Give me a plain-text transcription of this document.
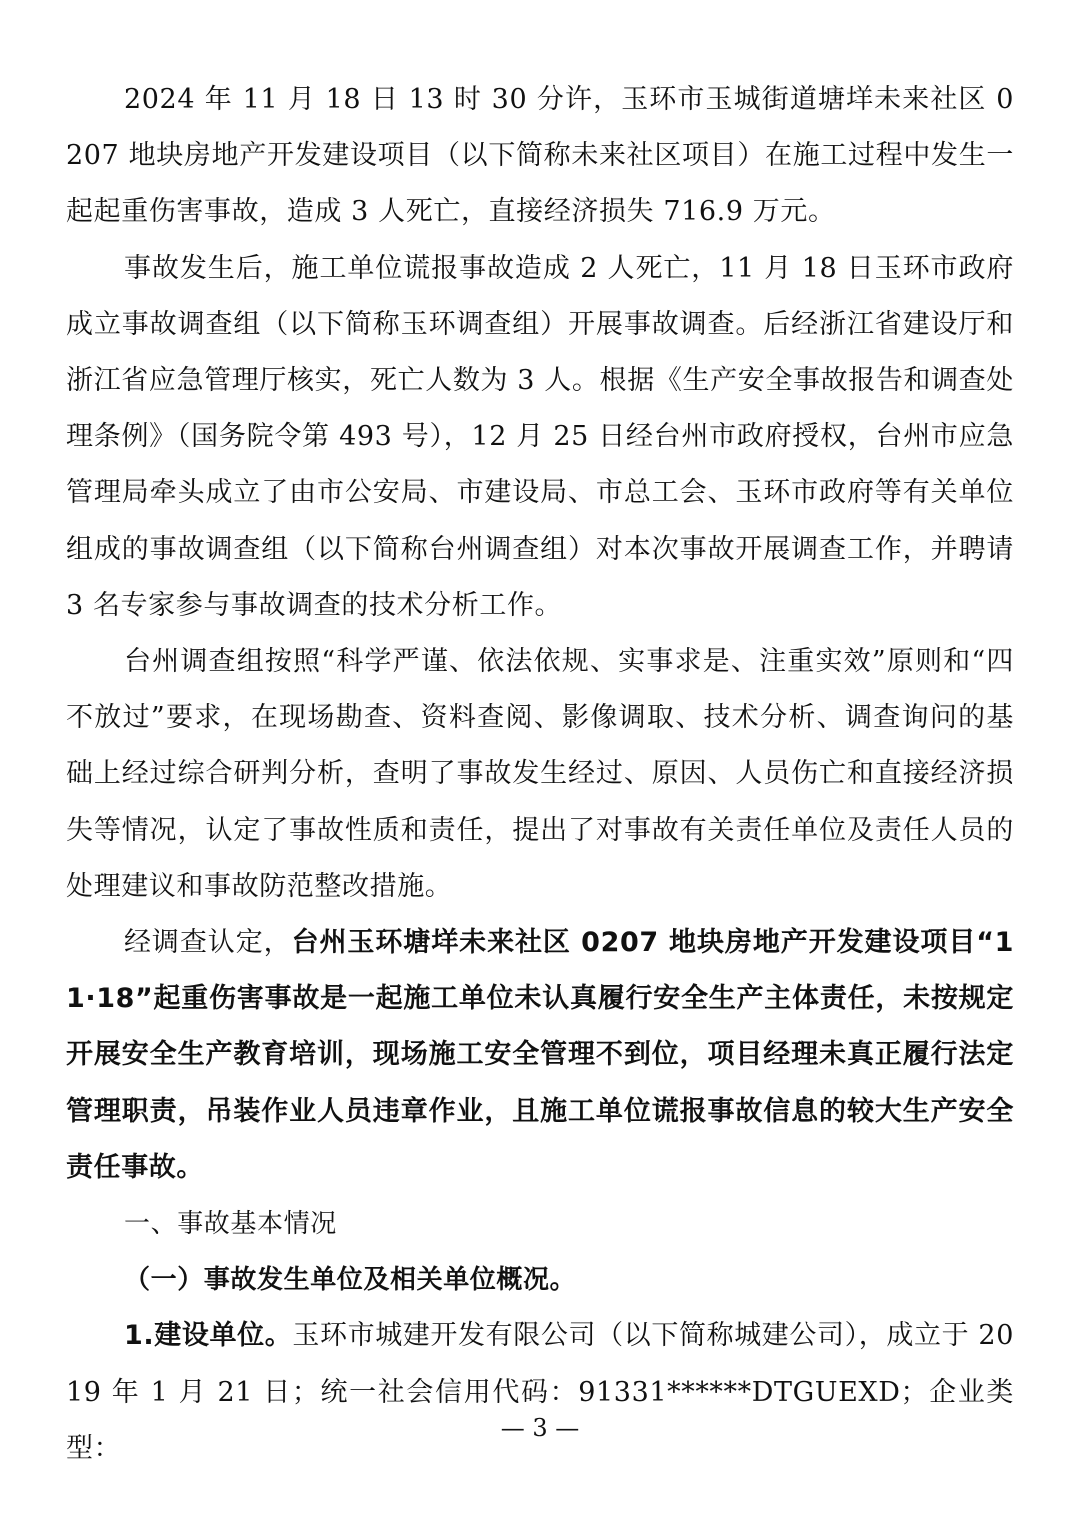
2024 年 11 月 18 日 13 时 30 分许，玉环市玉城街道塘垟未来社区 0207 地块房地产开发建设项目（以下简称未来社区项目）在施工过程中发生一起起重伤害事故，造成 3 人死亡，直接经济损失 716.9 万元。

事故发生后，施工单位谎报事故造成 2 人死亡，11 月 18 日玉环市政府成立事故调查组（以下简称玉环调查组）开展事故调查。后经浙江省建设厅和浙江省应急管理厅核实，死亡人数为 3 人。根据《生产安全事故报告和调查处理条例》（国务院令第 493 号），12 月 25 日经台州市政府授权，台州市应急管理局牵头成立了由市公安局、市建设局、市总工会、玉环市政府等有关单位组成的事故调查组（以下简称台州调查组）对本次事故开展调查工作，并聘请 3 名专家参与事故调查的技术分析工作。

台州调查组按照“科学严谨、依法依规、实事求是、注重实效”原则和“四不放过”要求，在现场勘查、资料查阅、影像调取、技术分析、调查询问的基础上经过综合研判分析，查明了事故发生经过、原因、人员伤亡和直接经济损失等情况，认定了事故性质和责任，提出了对事故有关责任单位及责任人员的处理建议和事故防范整改措施。

经调查认定，台州玉环塘垟未来社区 0207 地块房地产开发建设项目“11·18”起重伤害事故是一起施工单位未认真履行安全生产主体责任，未按规定开展安全生产教育培训，现场施工安全管理不到位，项目经理未真正履行法定管理职责，吊装作业人员违章作业，且施工单位谎报事故信息的较大生产安全责任事故。

一、事故基本情况

（一）事故发生单位及相关单位概况。

1.建设单位。玉环市城建开发有限公司（以下简称城建公司），成立于 2019 年 1 月 21 日；统一社会信用代码：91331******DTGUEXD；企业类型：

— 3 —
